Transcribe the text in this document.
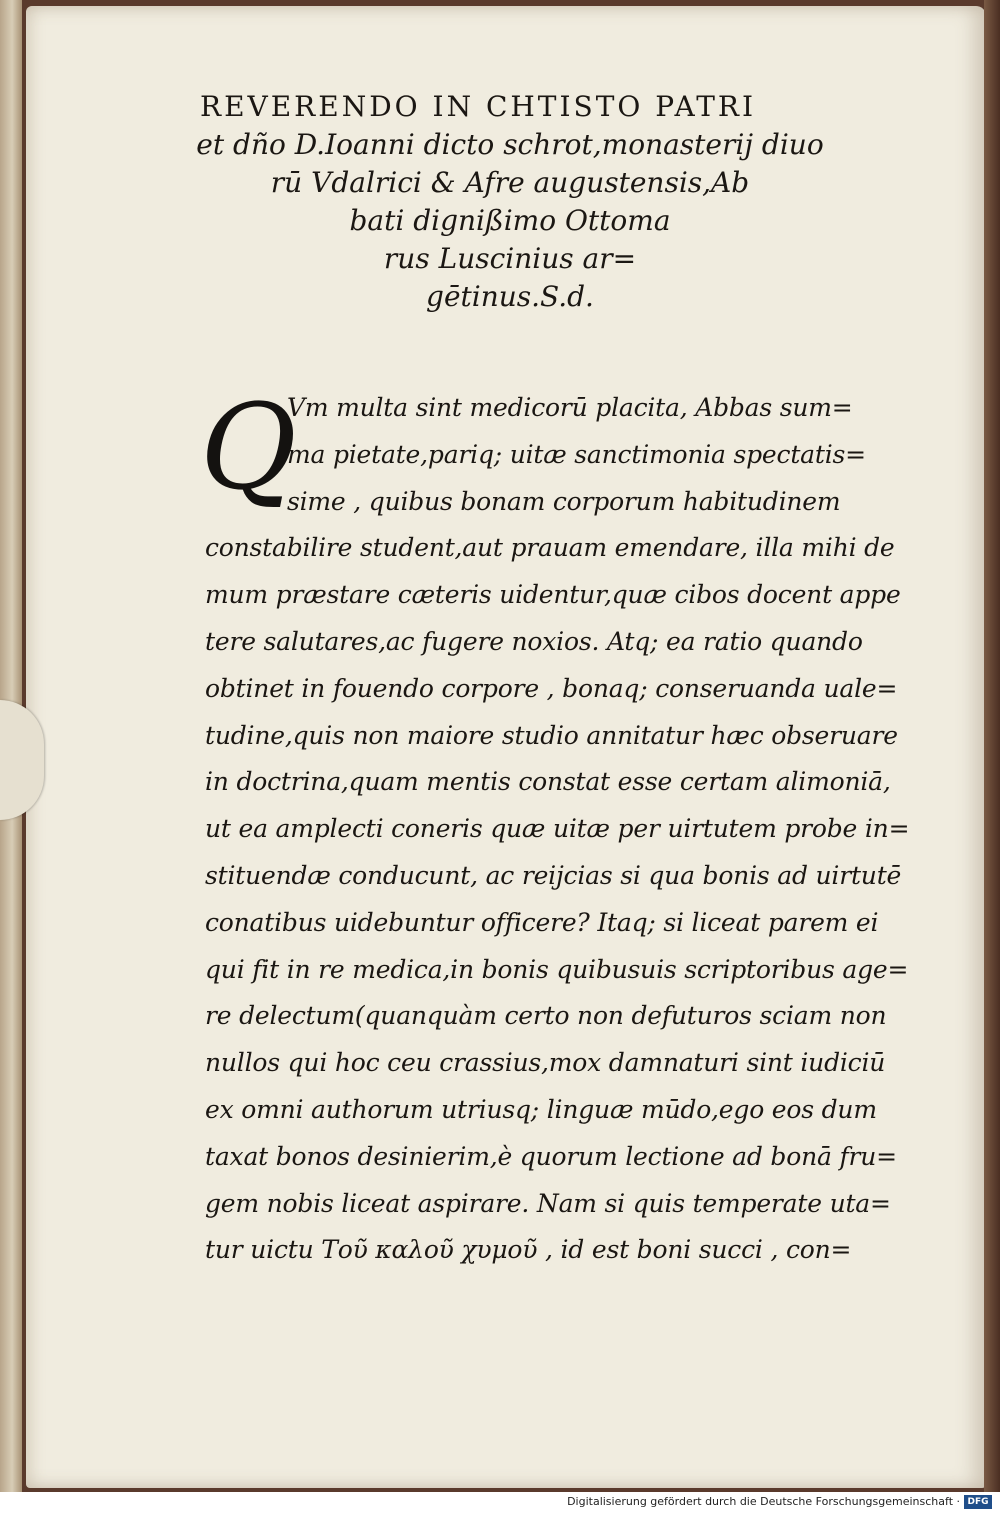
REVERENDO IN CHTISTO PATRI
et dño D.Ioanni dicto schrot,monasterij diuo
rū Vdalrici & Afre augustensis,Ab
bati dignißimo Ottoma
rus Luscinius ar=
gētinus.S.d.
Q
Vm multa sint medicorū placita, Abbas sum=
ma pietate,pariq; uitæ sanctimonia spectatis=
sime , quibus bonam corporum habitudinem
constabilire student,aut prauam emendare, illa mihi de
mum præstare cæteris uidentur,quæ cibos docent appe
tere salutares,ac fugere noxios. Atq; ea ratio quando
obtinet in fouendo corpore , bonaq; conseruanda uale=
tudine,quis non maiore studio annitatur hæc obseruare
in doctrina,quam mentis constat esse certam alimoniā,
ut ea amplecti coneris quæ uitæ per uirtutem probe in=
stituendæ conducunt, ac reijcias si qua bonis ad uirtutē
conatibus uidebuntur officere? Itaq; si liceat parem ei
qui fit in re medica,in bonis quibusuis scriptoribus age=
re delectum(quanquàm certo non defuturos sciam non
nullos qui hoc ceu crassius,mox damnaturi sint iudiciū
ex omni authorum utriusq; linguæ mūdo,ego eos dum
taxat bonos desinierim,è quorum lectione ad bonā fru=
gem nobis liceat aspirare. Nam si quis temperate uta=
tur uictu Τοῦ καλοῦ χυμοῦ , id est boni succi , con=
Digitalisierung gefördert durch die Deutsche Forschungsgemeinschaft · DFG
